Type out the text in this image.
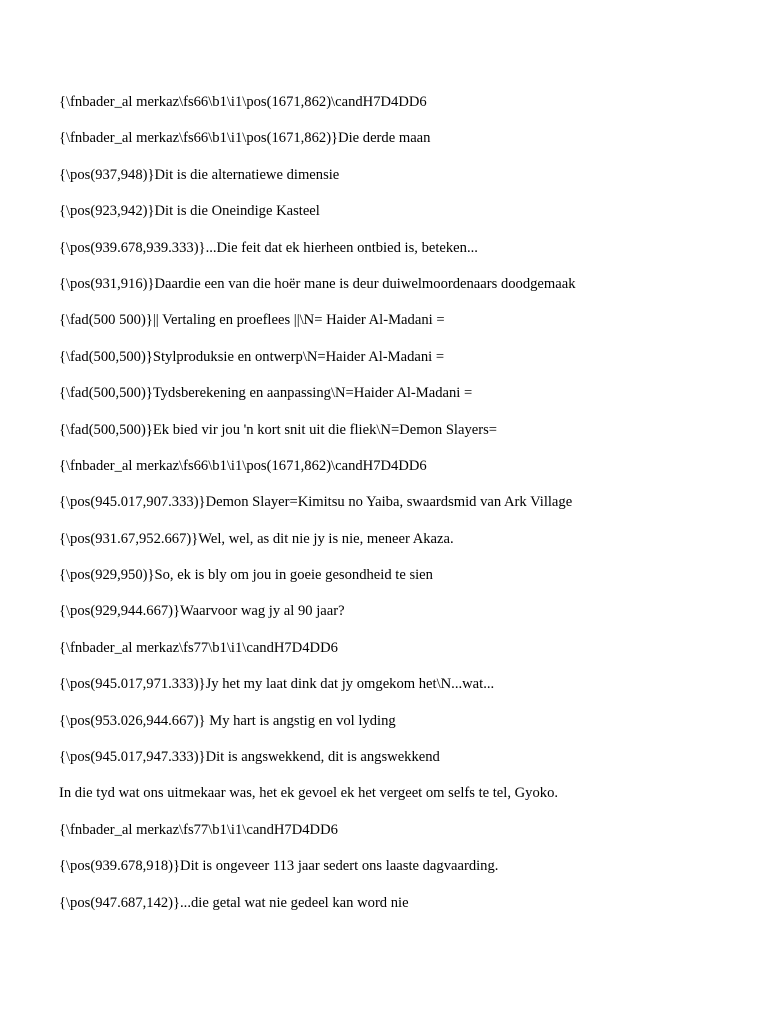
{\fnbader_al merkaz\fs66\b1\i1\pos(1671,862)\candH7D4DD6
{\fnbader_al merkaz\fs66\b1\i1\pos(1671,862)}Die derde maan
{\pos(937,948)}Dit is die alternatiewe dimensie
{\pos(923,942)}Dit is die Oneindige Kasteel
{\pos(939.678,939.333)}...Die feit dat ek hierheen ontbied is, beteken...
{\pos(931,916)}Daardie een van die hoër mane is deur duiwelmoordenaars doodgemaak
{\fad(500 500)}|| Vertaling en proeflees ||\N= Haider Al-Madani =
{\fad(500,500)}Stylproduksie en ontwerp\N=Haider Al-Madani =
{\fad(500,500)}Tydsberekening en aanpassing\N=Haider Al-Madani =
{\fad(500,500)}Ek bied vir jou 'n kort snit uit die fliek\N=Demon Slayers=
{\fnbader_al merkaz\fs66\b1\i1\pos(1671,862)\candH7D4DD6
{\pos(945.017,907.333)}Demon Slayer=Kimitsu no Yaiba, swaardsmid van Ark Village
{\pos(931.67,952.667)}Wel, wel, as dit nie jy is nie, meneer Akaza.
{\pos(929,950)}So, ek is bly om jou in goeie gesondheid te sien
{\pos(929,944.667)}Waarvoor wag jy al 90 jaar?
{\fnbader_al merkaz\fs77\b1\i1\candH7D4DD6
{\pos(945.017,971.333)}Jy het my laat dink dat jy omgekom het\N...wat...
{\pos(953.026,944.667)} My hart is angstig en vol lyding
{\pos(945.017,947.333)}Dit is angswekkend, dit is angswekkend
In die tyd wat ons uitmekaar was, het ek gevoel ek het vergeet om selfs te tel, Gyoko.
{\fnbader_al merkaz\fs77\b1\i1\candH7D4DD6
{\pos(939.678,918)}Dit is ongeveer 113 jaar sedert ons laaste dagvaarding.
{\pos(947.687,142)}...die getal wat nie gedeel kan word nie
